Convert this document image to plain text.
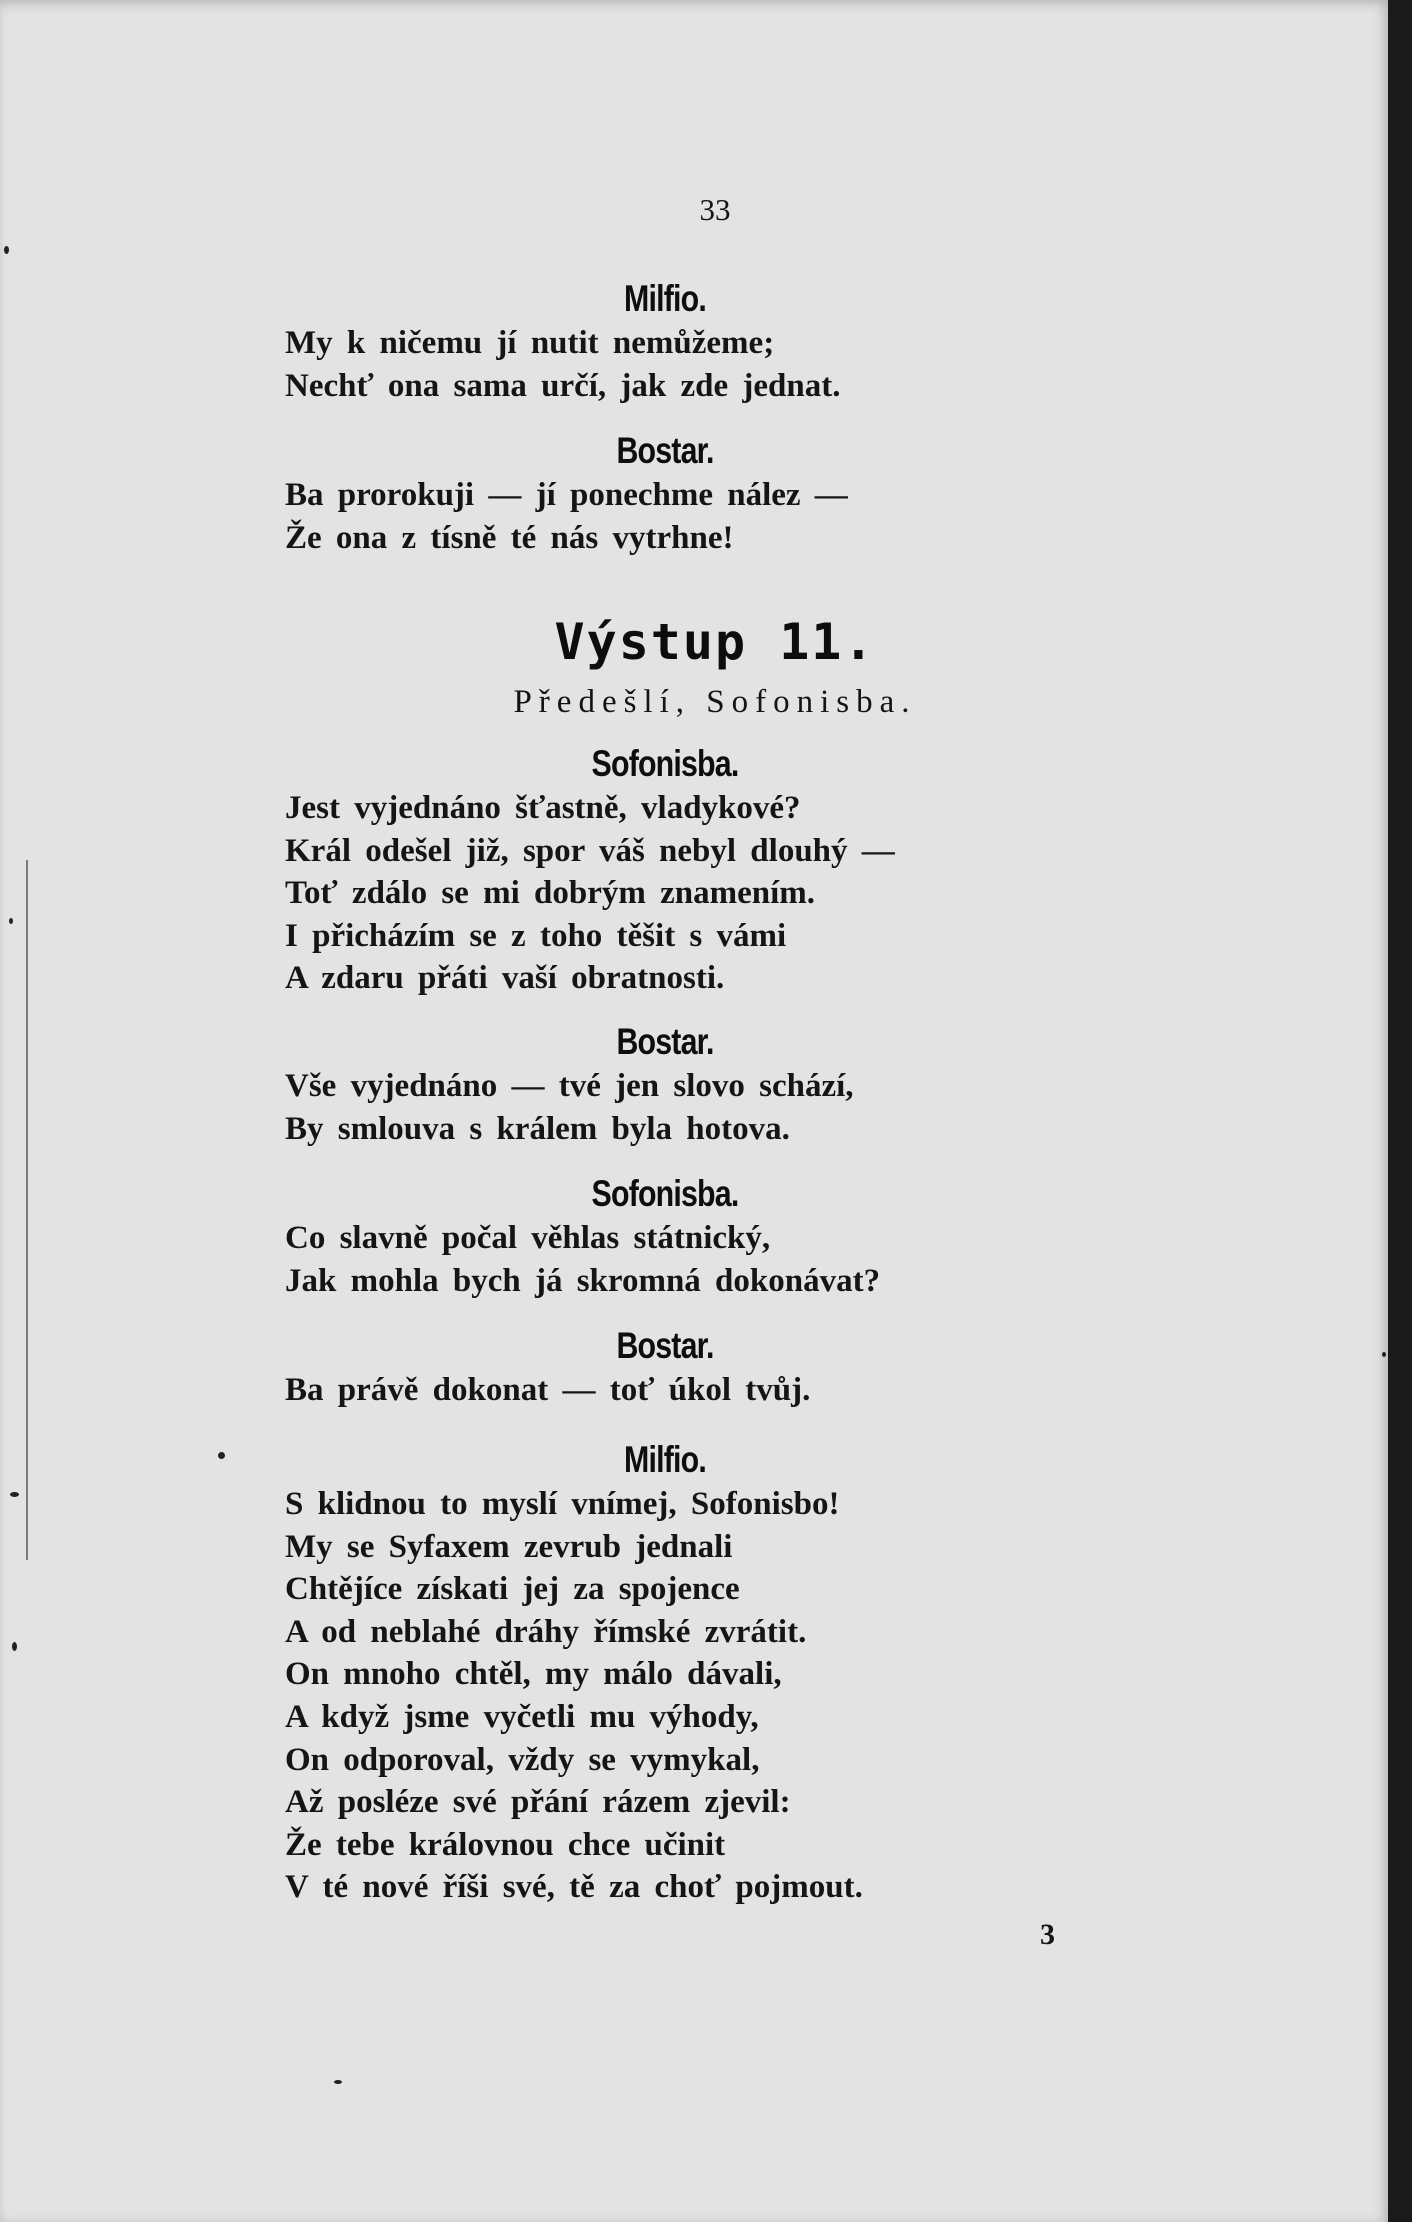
33
Milfio.
My k ničemu jí nutit nemůžeme;
Nechť ona sama určí, jak zde jednat.
Bostar.
Ba prorokuji — jí ponechme nález —
Že ona z tísně té nás vytrhne!
Výstup 11.
Předešlí, Sofonisba.
Sofonisba.
Jest vyjednáno šťastně, vladykové?
Král odešel již, spor váš nebyl dlouhý —
Toť zdálo se mi dobrým znamením.
I přicházím se z toho těšit s vámi
A zdaru přáti vaší obratnosti.
Bostar.
Vše vyjednáno — tvé jen slovo schází,
By smlouva s králem byla hotova.
Sofonisba.
Co slavně počal věhlas státnický,
Jak mohla bych já skromná dokonávat?
Bostar.
Ba právě dokonat — toť úkol tvůj.
Milfio.
S klidnou to myslí vnímej, Sofonisbo!
My se Syfaxem zevrub jednali
Chtějíce získati jej za spojence
A od neblahé dráhy římské zvrátit.
On mnoho chtěl, my málo dávali,
A když jsme vyčetli mu výhody,
On odporoval, vždy se vymykal,
Až posléze své přání rázem zjevil:
Že tebe královnou chce učinit
V té nové říši své, tě za choť pojmout.
3
